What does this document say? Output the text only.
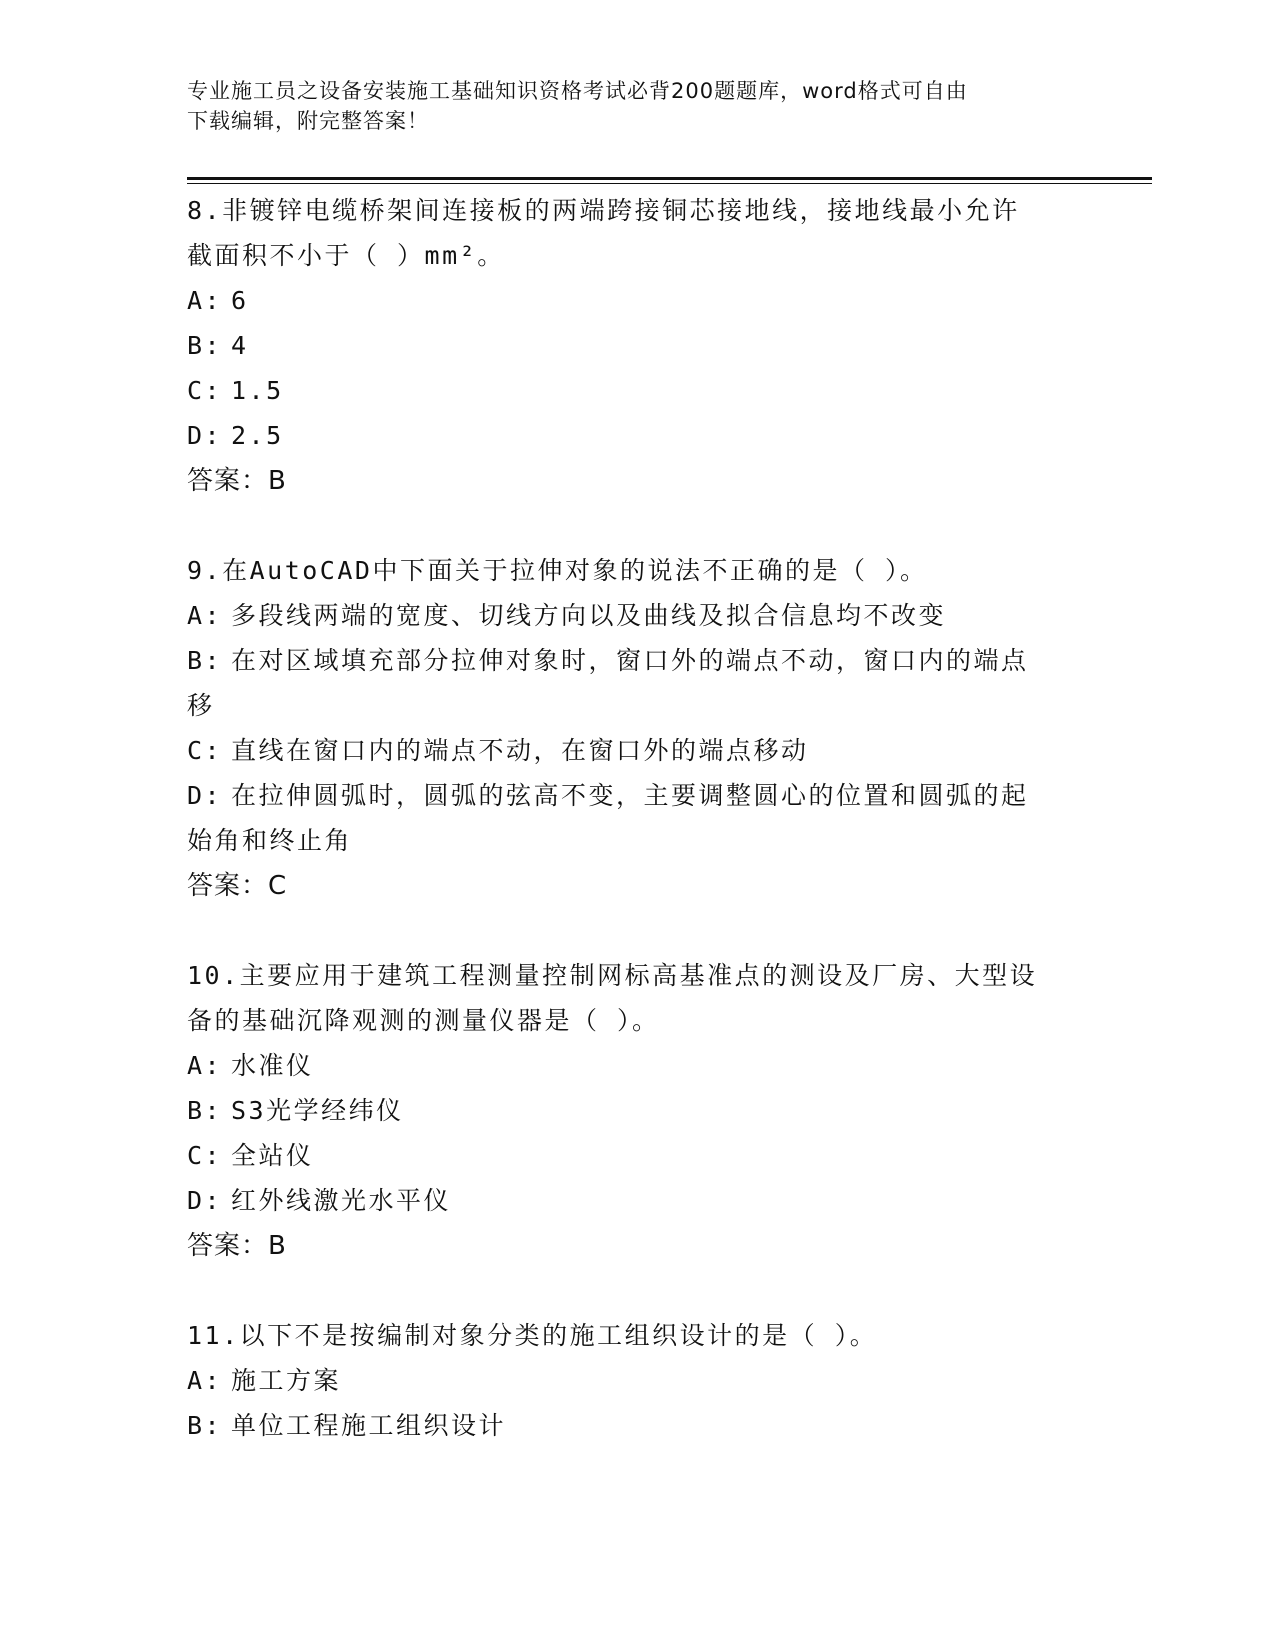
专业施工员之设备安装施工基础知识资格考试必背200题题库，word格式可自由
下载编辑，附完整答案！
8.非镀锌电缆桥架间连接板的两端跨接铜芯接地线，接地线最小允许
截面积不小于（ ）mm²。
A: 6
B: 4
C: 1.5
D: 2.5
答案：B
9.在AutoCAD中下面关于拉伸对象的说法不正确的是（ ）。
A: 多段线两端的宽度、切线方向以及曲线及拟合信息均不改变
B: 在对区域填充部分拉伸对象时，窗口外的端点不动，窗口内的端点
移
C: 直线在窗口内的端点不动，在窗口外的端点移动
D: 在拉伸圆弧时，圆弧的弦高不变，主要调整圆心的位置和圆弧的起
始角和终止角
答案：C
10.主要应用于建筑工程测量控制网标高基准点的测设及厂房、大型设
备的基础沉降观测的测量仪器是（ ）。
A: 水准仪
B: S3光学经纬仪
C: 全站仪
D: 红外线激光水平仪
答案：B
11.以下不是按编制对象分类的施工组织设计的是（ ）。
A: 施工方案
B: 单位工程施工组织设计
